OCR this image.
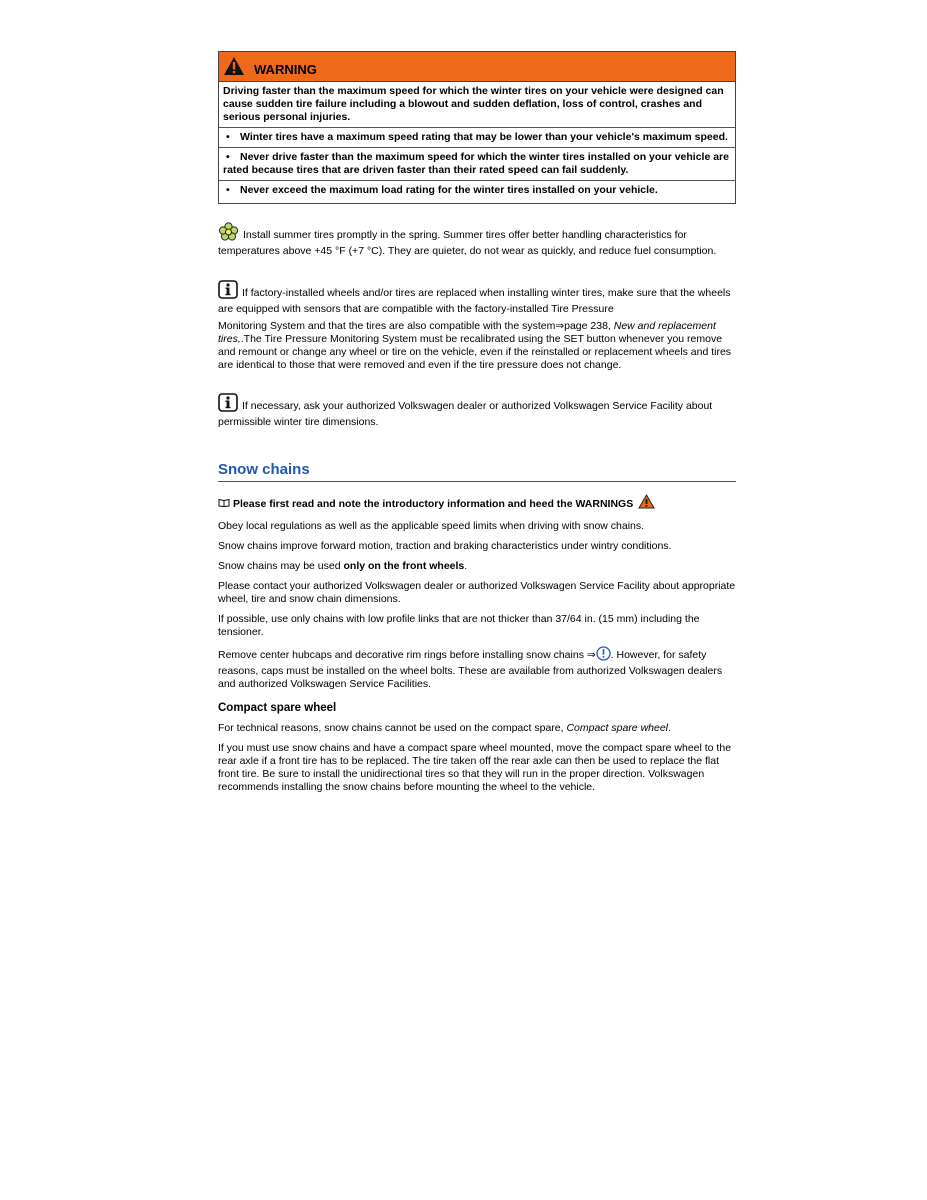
WARNING

Driving faster than the maximum speed for which the winter tires on your vehicle were designed can cause sudden tire failure including a blowout and sudden deflation, loss of control, crashes and serious personal injuries.

• Winter tires have a maximum speed rating that may be lower than your vehicle's maximum speed.
• Never drive faster than the maximum speed for which the winter tires installed on your vehicle are rated because tires that are driven faster than their rated speed can fail suddenly.
• Never exceed the maximum load rating for the winter tires installed on your vehicle.

Install summer tires promptly in the spring. Summer tires offer better handling characteristics for temperatures above +45 °F (+7 °C). They are quieter, do not wear as quickly, and reduce fuel consumption.

If factory-installed wheels and/or tires are replaced when installing winter tires, make sure that the wheels are equipped with sensors that are compatible with the factory-installed Tire Pressure

Monitoring System and that the tires are also compatible with the system⇒page 238, New and replacement tires,.The Tire Pressure Monitoring System must be recalibrated using the SET button whenever you remove and remount or change any wheel or tire on the vehicle, even if the reinstalled or replacement wheels and tires are identical to those that were removed and even if the tire pressure does not change.

If necessary, ask your authorized Volkswagen dealer or authorized Volkswagen Service Facility about permissible winter tire dimensions.

Snow chains
Please first read and note the introductory information and heed the WARNINGS

Obey local regulations as well as the applicable speed limits when driving with snow chains.

Snow chains improve forward motion, traction and braking characteristics under wintry conditions.

Snow chains may be used only on the front wheels.

Please contact your authorized Volkswagen dealer or authorized Volkswagen Service Facility about appropriate wheel, tire and snow chain dimensions.

If possible, use only chains with low profile links that are not thicker than 37/64 in. (15 mm) including the tensioner.

Remove center hubcaps and decorative rim rings before installing snow chains ⇒ . However, for safety reasons, caps must be installed on the wheel bolts. These are available from authorized Volkswagen dealers and authorized Volkswagen Service Facilities.

Compact spare wheel

For technical reasons, snow chains cannot be used on the compact spare, Compact spare wheel.

If you must use snow chains and have a compact spare wheel mounted, move the compact spare wheel to the rear axle if a front tire has to be replaced. The tire taken off the rear axle can then be used to replace the flat front tire. Be sure to install the unidirectional tires so that they will run in the proper direction. Volkswagen recommends installing the snow chains before mounting the wheel to the vehicle.
